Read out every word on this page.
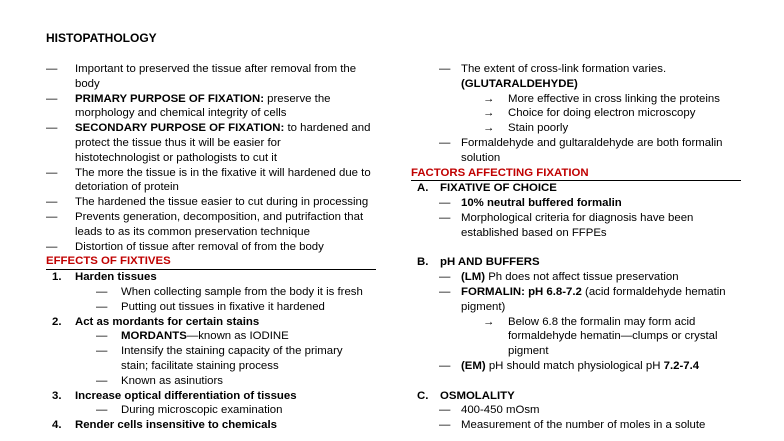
HISTOPATHOLOGY
— Important to preserved the tissue after removal from the
body
— PRIMARY PURPOSE OF FIXATION: preserve the
morphology and chemical integrity of cells
— SECONDARY PURPOSE OF FIXATION: to hardened and
protect the tissue thus it will be easier for
histotechnologist or pathologists to cut it
— The more the tissue is in the fixative it will hardened due to
detoriation of protein
— The hardened the tissue easier to cut during in processing
— Prevents generation, decomposition, and putrifaction that
leads to as its common preservation technique
— Distortion of tissue after removal of from the body
EFFECTS OF FIXTIVES
1. Harden tissues
— When collecting sample from the body it is fresh
— Putting out tissues in fixative it hardened
2. Act as mordants for certain stains
— MORDANTS—known as IODINE
— Intensify the staining capacity of the primary
stain; facilitate staining process
— Known as asinutiors
3. Increase optical differentiation of tissues
— During microscopic examination
4. Render cells insensitive to chemicals
— The extent of cross-link formation varies.
(GLUTARALDEHYDE)
→ More effective in cross linking the proteins
→ Choice for doing electron microscopy
→ Stain poorly
— Formaldehyde and gultaraldehyde are both formalin
solution
FACTORS AFFECTING FIXATION
A. FIXATIVE OF CHOICE
— 10% neutral buffered formalin
— Morphological criteria for diagnosis have been
established based on FFPEs
B. pH AND BUFFERS
— (LM) Ph does not affect tissue preservation
— FORMALIN: pH 6.8-7.2 (acid formaldehyde hematin
pigment)
→ Below 6.8 the formalin may form acid
formaldehyde hematin—clumps or crystal
pigment
— (EM) pH should match physiological pH 7.2-7.4
C. OSMOLALITY
— 400-450 mOsm
— Measurement of the number of moles in a solute
